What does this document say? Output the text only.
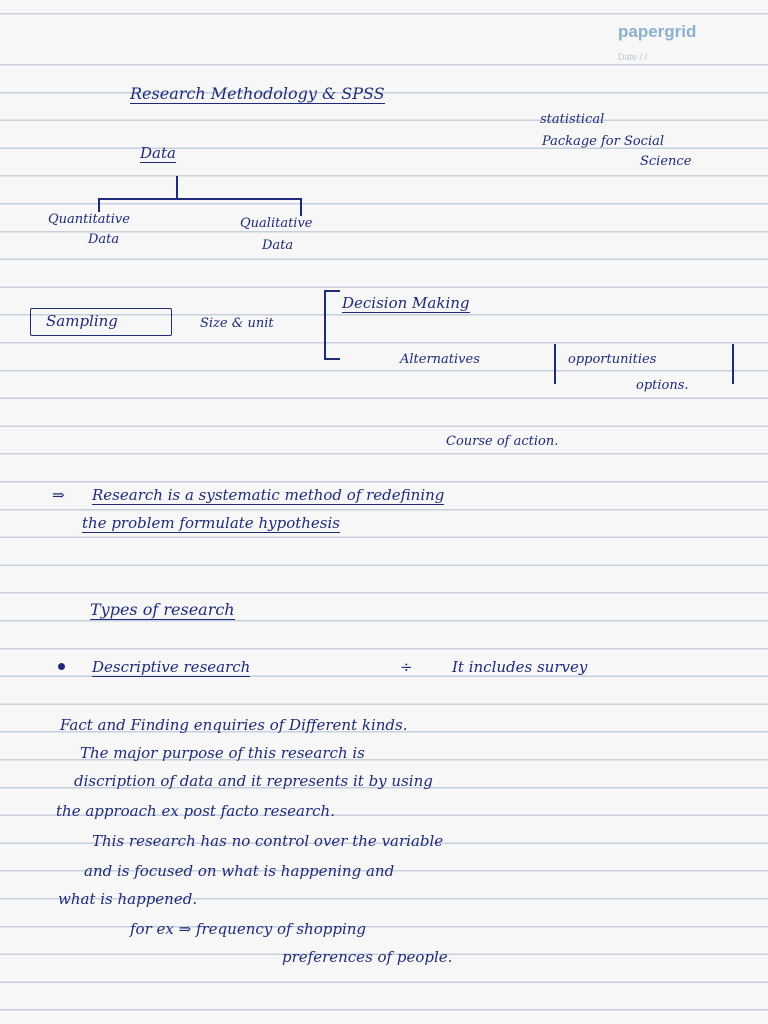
papergrid
Date / /
Research Methodology & SPSS
statistical
Package for Social
Science
Data
Quantitative
Data
Qualitative
Data
Sampling	Size & unit
Decision Making
Alternatives	opportunities
options.
Course of action.
⇒ Research is a systematic method of redefining
the problem formulate hypothesis
Types of research
Descriptive research	÷	It includes survey
Fact and Finding enquiries of Different kinds.
The major purpose of this research is
discription of data and it represents it by using
the approach ex post facto research.
This research has no control over the variable
and is focused on what is happening and
what is happened.
for ex ⇒ frequency of shopping
preferences of people.
